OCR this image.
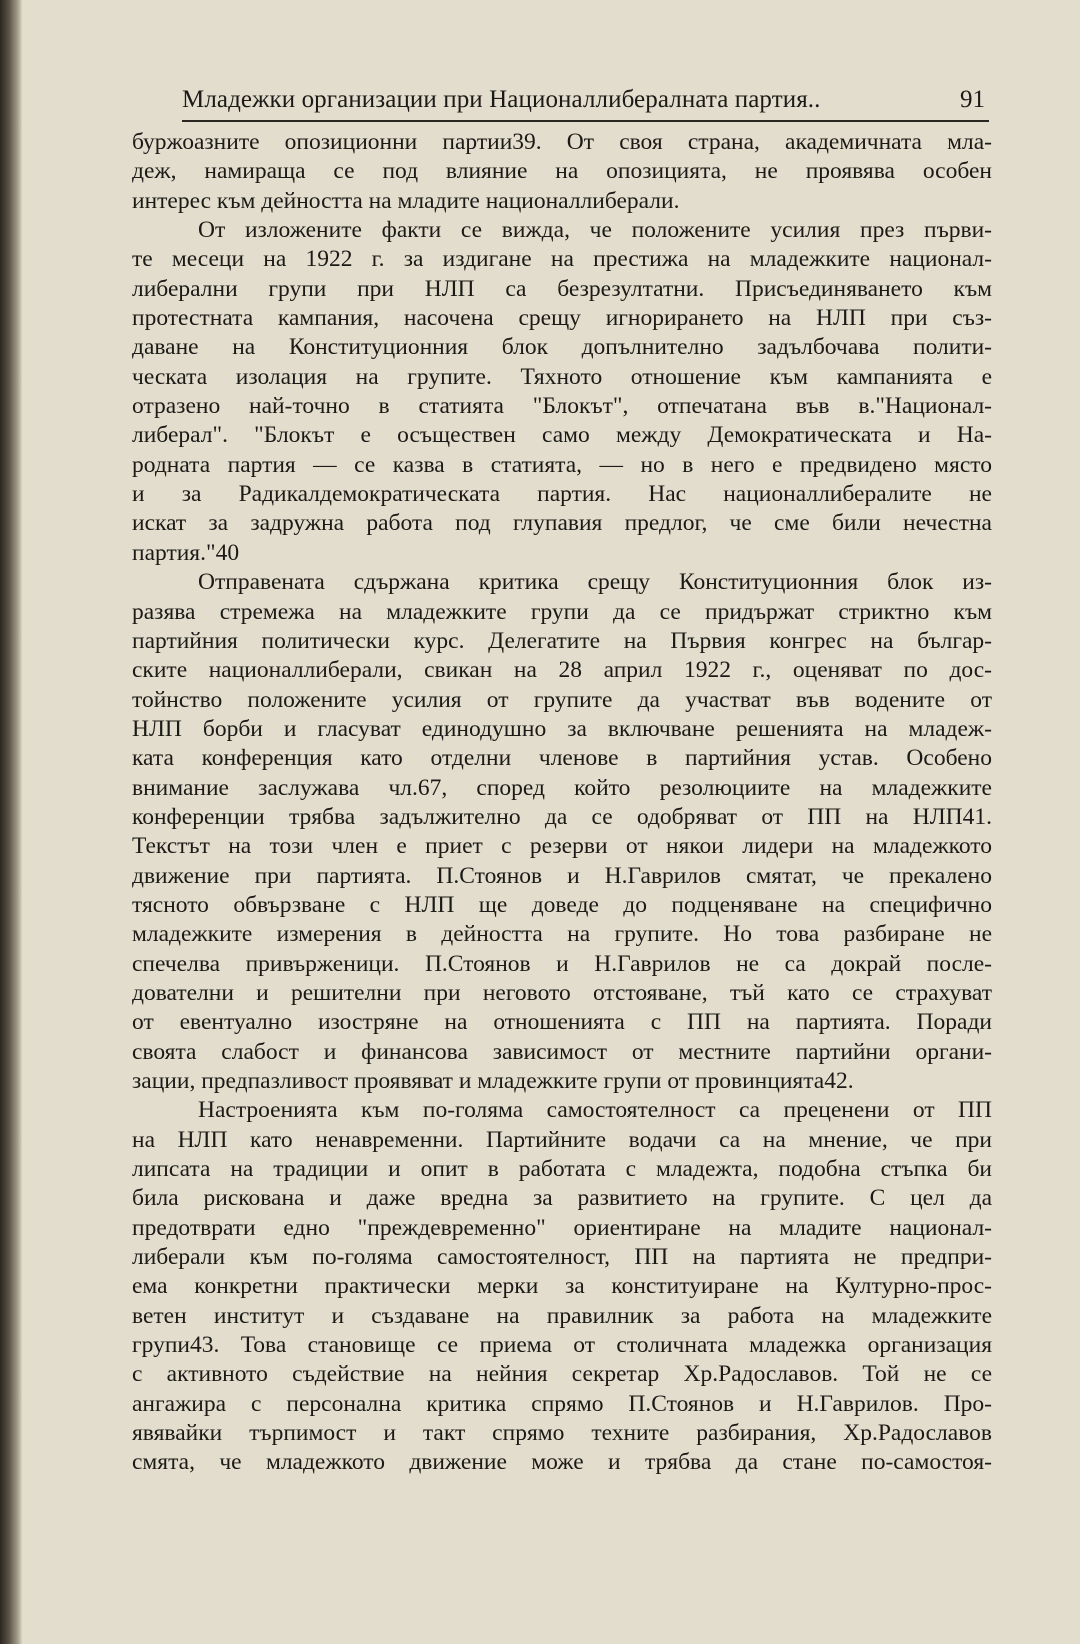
Младежки организации при Националлибералната партия..	91
буржоазните опозиционни партии39. От своя страна, академичната мла-
деж, намираща се под влияние на опозицията, не проявява особен
интерес към дейността на младите националлиберали.
От изложените факти се вижда, че положените усилия през първи-
те месеци на 1922 г. за издигане на престижа на младежките национал-
либерални групи при НЛП са безрезултатни. Присъединяването към
протестната кампания, насочена срещу игнорирането на НЛП при съз-
даване на Конституционния блок допълнително задълбочава полити-
ческата изолация на групите. Тяхното отношение към кампанията е
отразено най-точно в статията "Блокът", отпечатана във в."Национал-
либерал". "Блокът е осъществен само между Демократическата и На-
родната партия — се казва в статията, — но в него е предвидено място
и за Радикалдемократическата партия. Нас националлибералите не
искат за задружна работа под глупавия предлог, че сме били нечестна
партия."40
Отправената сдържана критика срещу Конституционния блок из-
разява стремежа на младежките групи да се придържат стриктно към
партийния политически курс. Делегатите на Първия конгрес на българ-
ските националлиберали, свикан на 28 април 1922 г., оценяват по дос-
тойнство положените усилия от групите да участват във водените от
НЛП борби и гласуват единодушно за включване решенията на младеж-
ката конференция като отделни членове в партийния устав. Особено
внимание заслужава чл.67, според който резолюциите на младежките
конференции трябва задължително да се одобряват от ПП на НЛП41.
Текстът на този член е приет с резерви от някои лидери на младежкото
движение при партията. П.Стоянов и Н.Гаврилов смятат, че прекалено
тясното обвързване с НЛП ще доведе до подценяване на специфично
младежките измерения в дейността на групите. Но това разбиране не
спечелва привърженици. П.Стоянов и Н.Гаврилов не са докрай после-
дователни и решителни при неговото отстояване, тъй като се страхуват
от евентуално изостряне на отношенията с ПП на партията. Поради
своята слабост и финансова зависимост от местните партийни органи-
зации, предпазливост проявяват и младежките групи от провинцията42.
Настроенията към по-голяма самостоятелност са преценени от ПП
на НЛП като ненавременни. Партийните водачи са на мнение, че при
липсата на традиции и опит в работата с младежта, подобна стъпка би
била рискована и даже вредна за развитието на групите. С цел да
предотврати едно "преждевременно" ориентиране на младите национал-
либерали към по-голяма самостоятелност, ПП на партията не предпри-
ема конкретни практически мерки за конституиране на Културно-прос-
ветен институт и създаване на правилник за работа на младежките
групи43. Това становище се приема от столичната младежка организация
с активното съдействие на нейния секретар Хр.Радославов. Той не се
ангажира с персонална критика спрямо П.Стоянов и Н.Гаврилов. Про-
явявайки търпимост и такт спрямо техните разбирания, Хр.Радославов
смята, че младежкото движение може и трябва да стане по-самостоя-
